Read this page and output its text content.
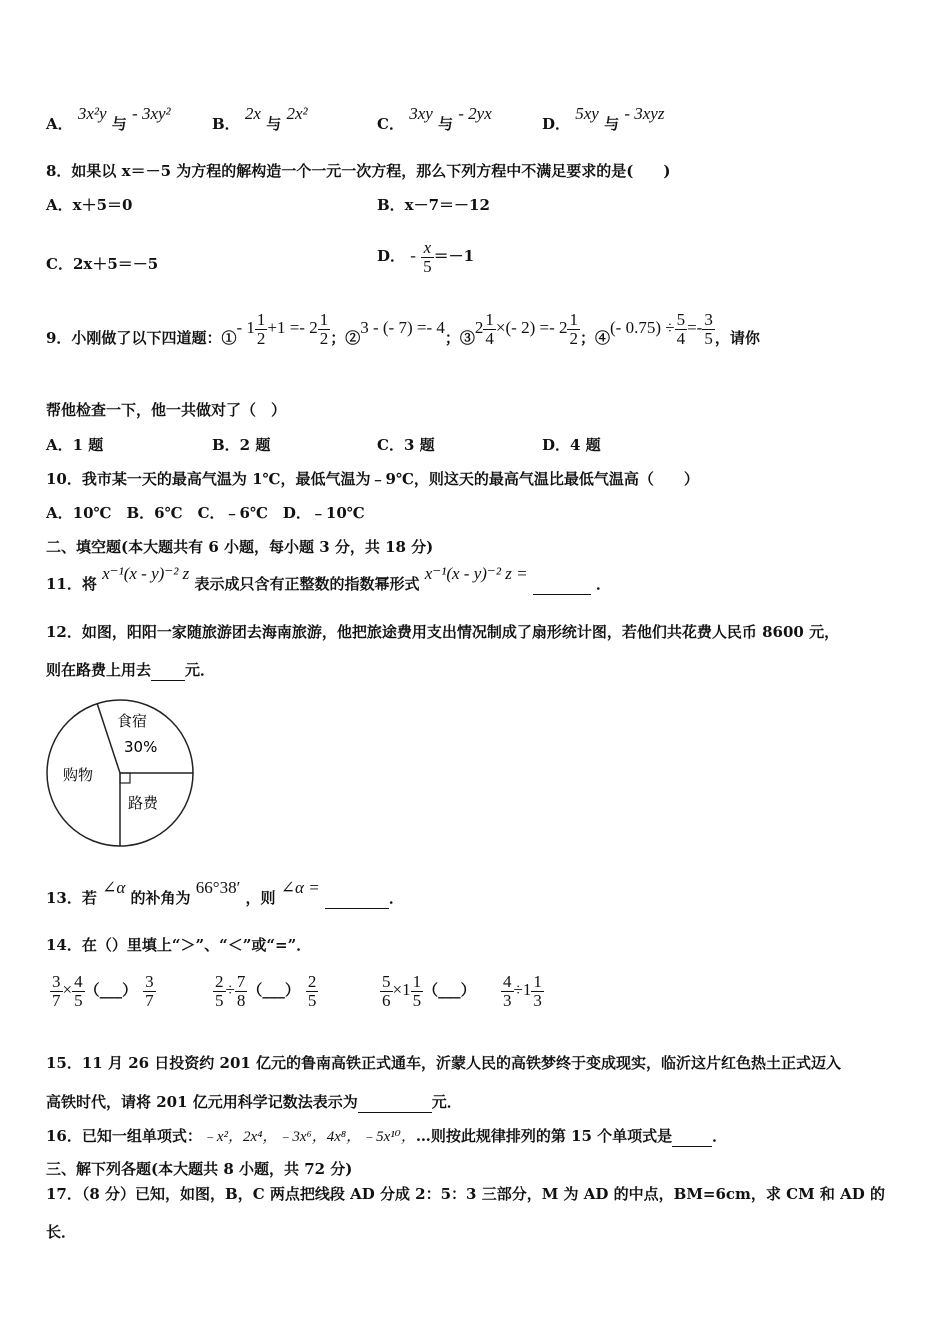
A． 3x²y 与 - 3xy²
B． 2x 与 2x²
C． 3xy 与 - 2yx
D． 5xy 与 - 3xyz
8．如果以 x＝－5 为方程的解构造一个一元一次方程，那么下列方程中不满足要求的是(　　)
A．x＋5＝0	B．x－7＝－12
C．2x＋5＝－5	D． - $\frac{x}{5} =-1$
9．小刚做了以下四道题：①- $1 \frac{1}{2} +1 =- 2 \frac{1}{2}$ ；②3 - (- 7) =- 4；③2 $\frac{1}{4}$ ×(- $2) =- 2 \frac{1}{2}$ ；④(- $0.75) \div \frac{5}{4} =- \frac{3}{5}$ ，请你
帮他检查一下，他一共做对了（　）
A．1 题	B．2 题	C．3 题	D．4 题
10．我市某一天的最高气温为 1℃，最低气温为﹣9℃，则这天的最高气温比最低气温高（　　）
A．10℃　B．6℃　C．﹣6℃　D．﹣10℃
二、填空题(本大题共有 6 小题，每小题 3 分，共 18 分)
11．将 x⁻¹(x - y)⁻² z 表示成只含有正整数的指数幂形式 x⁻¹(x - y)⁻² z =   ．
12．如图，阳阳一家随旅游团去海南旅游，他把旅途费用支出情况制成了扇形统计图，若他们共花费人民币 8600 元，
则在路费上用去 元．
食宿
30%
购物
路费
13．若 ∠α 的补角为 66°38′ ，则 ∠α =  ．
14．在（）里填上“＞”、“＜”或“=”．
$\frac{3}{7} \times \frac{4}{5}$ （___） $\frac{3}{7}$	$\frac{2}{5} \div \frac{7}{8}$ （___） $\frac{2}{5}$	$\frac{5}{6} \times 1 \frac{1}{5}$ （___） $\frac{4}{3} \div 1 \frac{1}{3}$
15．11 月 26 日投资约 201 亿元的鲁南高铁正式通车，沂蒙人民的高铁梦终于变成现实，临沂这片红色热土正式迈入
高铁时代，请将 201 亿元用科学记数法表示为	元．
16．已知一组单项式：﹣x²，2x⁴，﹣3x⁶，4x⁸，﹣5x¹⁰，…则按此规律排列的第 15 个单项式是	．
三、解下列各题(本大题共 8 小题，共 72 分)
17．（8 分）已知，如图，B，C 两点把线段 AD 分成 2：5：3 三部分，M 为 AD 的中点，BM=6cm，求 CM 和 AD 的
长．
